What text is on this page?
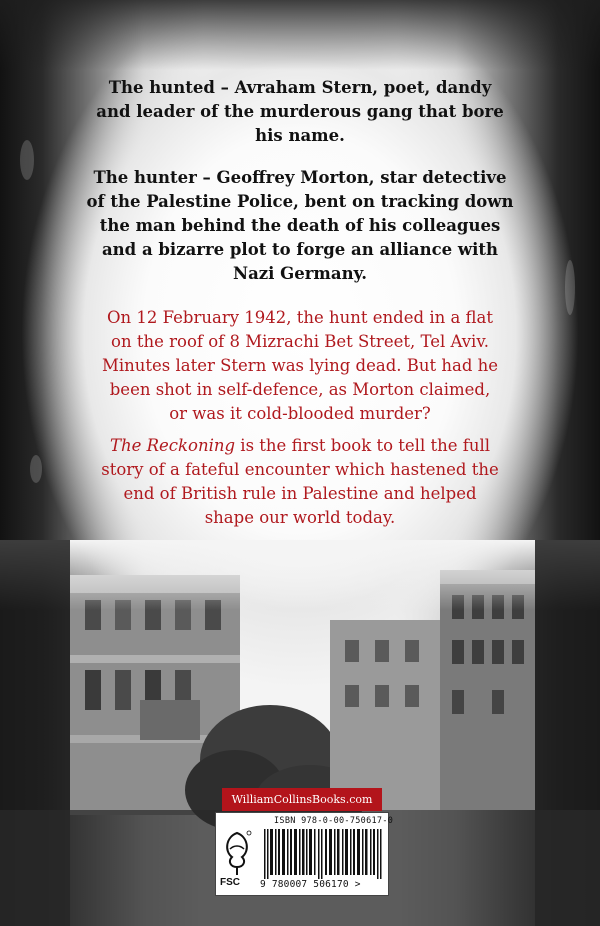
The hunted – Avraham Stern, poet, dandy
and leader of the murderous gang that bore
his name.
The hunter – Geoffrey Morton, star detective
of the Palestine Police, bent on tracking down
the man behind the death of his colleagues
and a bizarre plot to forge an alliance with
Nazi Germany.
On 12 February 1942, the hunt ended in a flat
on the roof of 8 Mizrachi Bet Street, Tel Aviv.
Minutes later Stern was lying dead. But had he
been shot in self-defence, as Morton claimed,
or was it cold-blooded murder?
The Reckoning is the first book to tell the full
story of a fateful encounter which hastened the
end of British rule in Palestine and helped
shape our world today.
WilliamCollinsBooks.com
ISBN 978-0-00-750617-0
FSC 9 780007 506170 >
